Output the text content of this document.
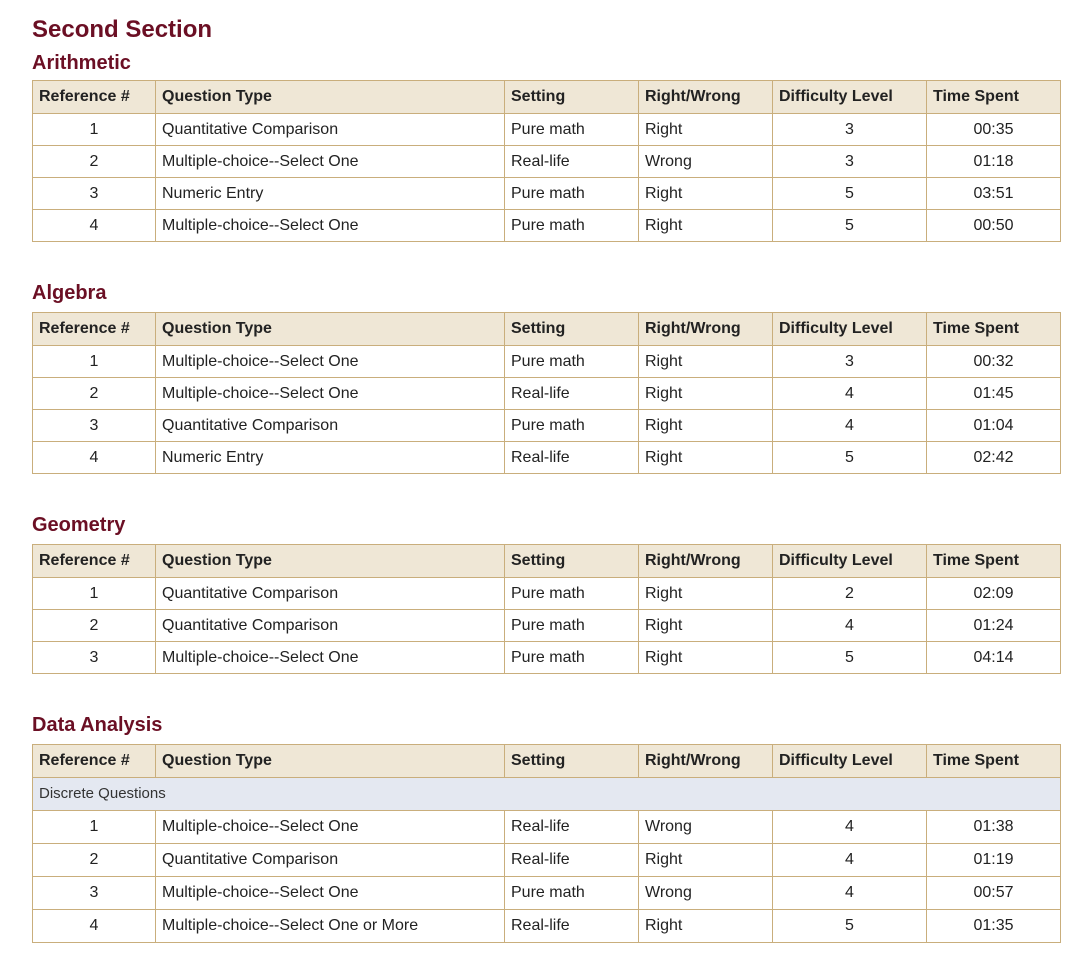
Second Section
Arithmetic
Reference #	Question Type	Setting	Right/Wrong	Difficulty Level	Time Spent
1	Quantitative Comparison	Pure math	Right	3	00:35
2	Multiple-choice--Select One	Real-life	Wrong	3	01:18
3	Numeric Entry	Pure math	Right	5	03:51
4	Multiple-choice--Select One	Pure math	Right	5	00:50
Algebra
Reference #	Question Type	Setting	Right/Wrong	Difficulty Level	Time Spent
1	Multiple-choice--Select One	Pure math	Right	3	00:32
2	Multiple-choice--Select One	Real-life	Right	4	01:45
3	Quantitative Comparison	Pure math	Right	4	01:04
4	Numeric Entry	Real-life	Right	5	02:42
Geometry
Reference #	Question Type	Setting	Right/Wrong	Difficulty Level	Time Spent
1	Quantitative Comparison	Pure math	Right	2	02:09
2	Quantitative Comparison	Pure math	Right	4	01:24
3	Multiple-choice--Select One	Pure math	Right	5	04:14
Data Analysis
Reference #	Question Type	Setting	Right/Wrong	Difficulty Level	Time Spent
Discrete Questions					
1	Multiple-choice--Select One	Real-life	Wrong	4	01:38
2	Quantitative Comparison	Real-life	Right	4	01:19
3	Multiple-choice--Select One	Pure math	Wrong	4	00:57
4	Multiple-choice--Select One or More	Real-life	Right	5	01:35
